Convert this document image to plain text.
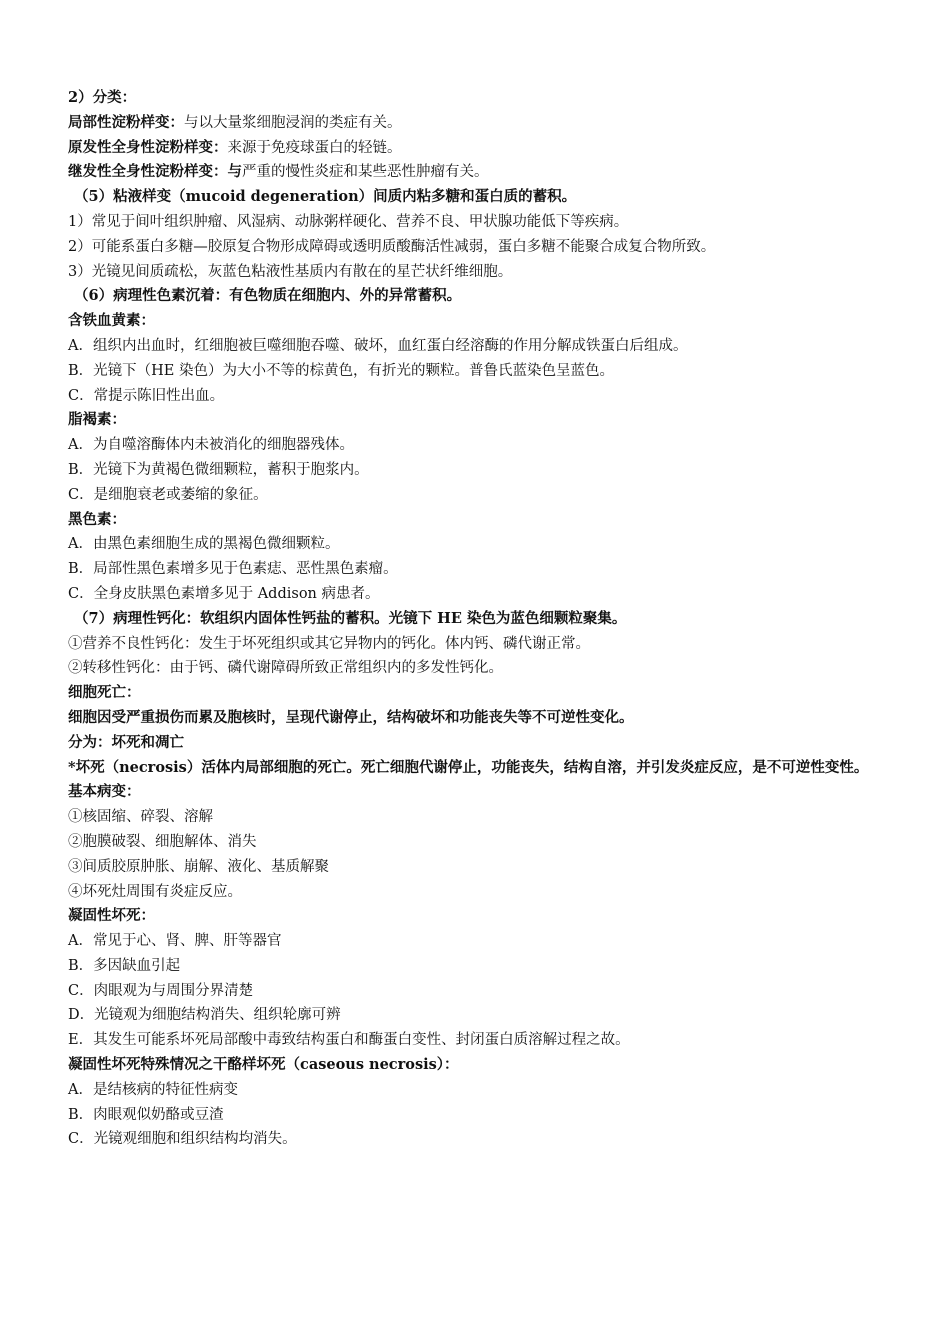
2）分类：
局部性淀粉样变：与以大量浆细胞浸润的类症有关。
原发性全身性淀粉样变：来源于免疫球蛋白的轻链。
继发性全身性淀粉样变：与严重的慢性炎症和某些恶性肿瘤有关。
（5）粘液样变（mucoid degeneration）间质内粘多糖和蛋白质的蓄积。
1）常见于间叶组织肿瘤、风湿病、动脉粥样硬化、营养不良、甲状腺功能低下等疾病。
2）可能系蛋白多糖—胶原复合物形成障碍或透明质酸酶活性减弱，蛋白多糖不能聚合成复合物所致。
3）光镜见间质疏松，灰蓝色粘液性基质内有散在的星芒状纤维细胞。
（6）病理性色素沉着：有色物质在细胞内、外的异常蓄积。
含铁血黄素：
A．组织内出血时，红细胞被巨噬细胞吞噬、破坏，血红蛋白经溶酶的作用分解成铁蛋白后组成。
B．光镜下（HE 染色）为大小不等的棕黄色，有折光的颗粒。普鲁氏蓝染色呈蓝色。
C．常提示陈旧性出血。
脂褐素：
A．为自噬溶酶体内未被消化的细胞器残体。
B．光镜下为黄褐色微细颗粒，蓄积于胞浆内。
C．是细胞衰老或萎缩的象征。
黑色素：
A．由黑色素细胞生成的黑褐色微细颗粒。
B．局部性黑色素增多见于色素痣、恶性黑色素瘤。
C．全身皮肤黑色素增多见于 Addison 病患者。
（7）病理性钙化：软组织内固体性钙盐的蓄积。光镜下 HE 染色为蓝色细颗粒聚集。
①营养不良性钙化：发生于坏死组织或其它异物内的钙化。体内钙、磷代谢正常。
②转移性钙化：由于钙、磷代谢障碍所致正常组织内的多发性钙化。
细胞死亡：
细胞因受严重损伤而累及胞核时，呈现代谢停止，结构破坏和功能丧失等不可逆性变化。
分为：坏死和凋亡
*坏死（necrosis）活体内局部细胞的死亡。死亡细胞代谢停止，功能丧失，结构自溶，并引发炎症反应，是不可逆性变性。
基本病变：
①核固缩、碎裂、溶解
②胞膜破裂、细胞解体、消失
③间质胶原肿胀、崩解、液化、基质解聚
④坏死灶周围有炎症反应。
凝固性坏死：
A．常见于心、肾、脾、肝等器官
B．多因缺血引起
C．肉眼观为与周围分界清楚
D．光镜观为细胞结构消失、组织轮廓可辨
E．其发生可能系坏死局部酸中毒致结构蛋白和酶蛋白变性、封闭蛋白质溶解过程之故。
凝固性坏死特殊情况之干酪样坏死（caseous necrosis）：
A．是结核病的特征性病变
B．肉眼观似奶酪或豆渣
C．光镜观细胞和组织结构均消失。
